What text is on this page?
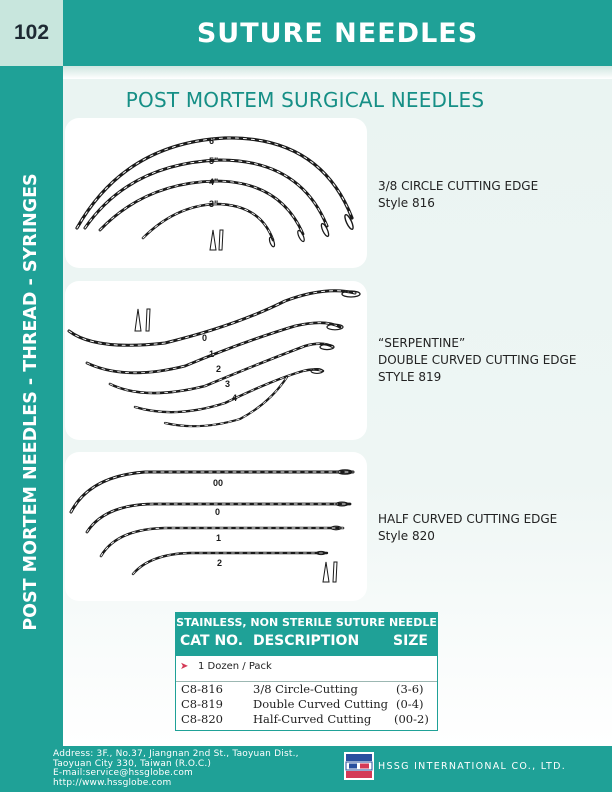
102	SUTURE NEEDLES
POST MORTEM NEEDLES - THREAD - SYRINGES
POST MORTEM SURGICAL NEEDLES
6"
5"
4"
3"
3/8 CIRCLE CUTTING EDGE
Style 816
0
1
2
3
4
“SERPENTINE”
DOUBLE CURVED CUTTING EDGE
STYLE 819
00
0
1
2
HALF CURVED CUTTING EDGE
Style 820
STAINLESS, NON STERILE SUTURE NEEDLE
CAT NO. DESCRIPTION SIZE
➤ 1 Dozen / Pack
C8-816	3/8 Circle-Cutting	(3-6)
C8-819	Double Curved Cutting (0-4)
C8-820	Half-Curved Cutting (00-2)
Address: 3F., No.37, Jiangnan 2nd St., Taoyuan Dist.,
Taoyuan City 330, Taiwan (R.O.C.)
E-mail:service@hssglobe.com
http://www.hssglobe.com
HSSG INTERNATIONAL CO., LTD.
